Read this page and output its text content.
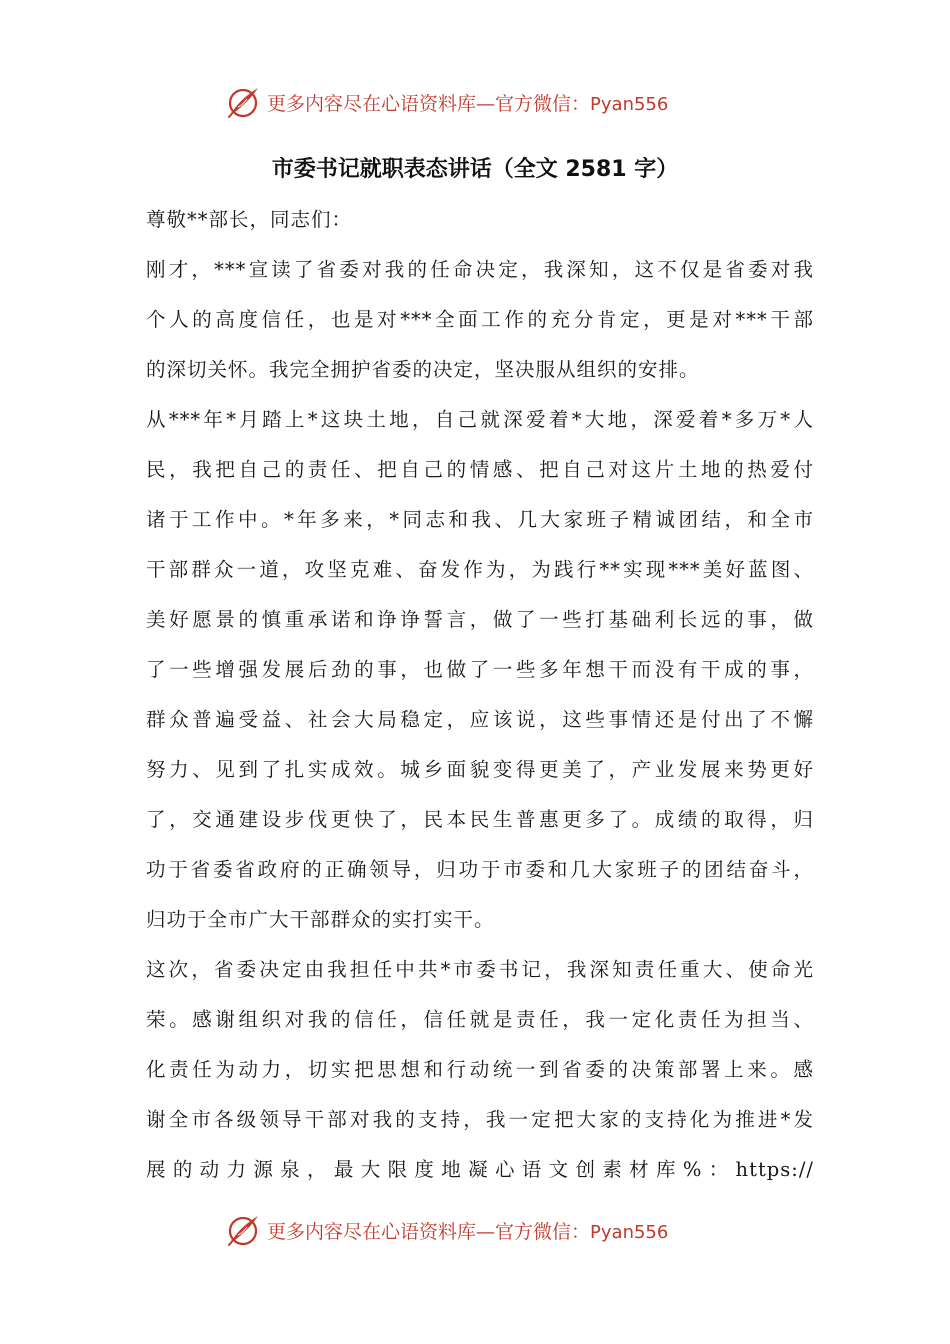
更多内容尽在心语资料库—官方微信：Pyan556
市委书记就职表态讲话（全文 2581 字）
尊敬**部长，同志们：
刚才，***宣读了省委对我的任命决定，我深知，这不仅是省委对我
个人的高度信任，也是对***全面工作的充分肯定，更是对***干部
的深切关怀。我完全拥护省委的决定，坚决服从组织的安排。
从***年*月踏上*这块土地，自己就深爱着*大地，深爱着*多万*人
民，我把自己的责任、把自己的情感、把自己对这片土地的热爱付
诸于工作中。*年多来，*同志和我、几大家班子精诚团结，和全市
干部群众一道，攻坚克难、奋发作为，为践行**实现***美好蓝图、
美好愿景的慎重承诺和诤诤誓言，做了一些打基础利长远的事，做
了一些增强发展后劲的事，也做了一些多年想干而没有干成的事，
群众普遍受益、社会大局稳定，应该说，这些事情还是付出了不懈
努力、见到了扎实成效。城乡面貌变得更美了，产业发展来势更好
了，交通建设步伐更快了，民本民生普惠更多了。成绩的取得，归
功于省委省政府的正确领导，归功于市委和几大家班子的团结奋斗，
归功于全市广大干部群众的实打实干。
这次，省委决定由我担任中共*市委书记，我深知责任重大、使命光
荣。感谢组织对我的信任，信任就是责任，我一定化责任为担当、
化责任为动力，切实把思想和行动统一到省委的决策部署上来。感
谢全市各级领导干部对我的支持，我一定把大家的支持化为推进*发
展的动力源泉，最大限度地凝心语文创素材库%：https://
更多内容尽在心语资料库—官方微信：Pyan556
